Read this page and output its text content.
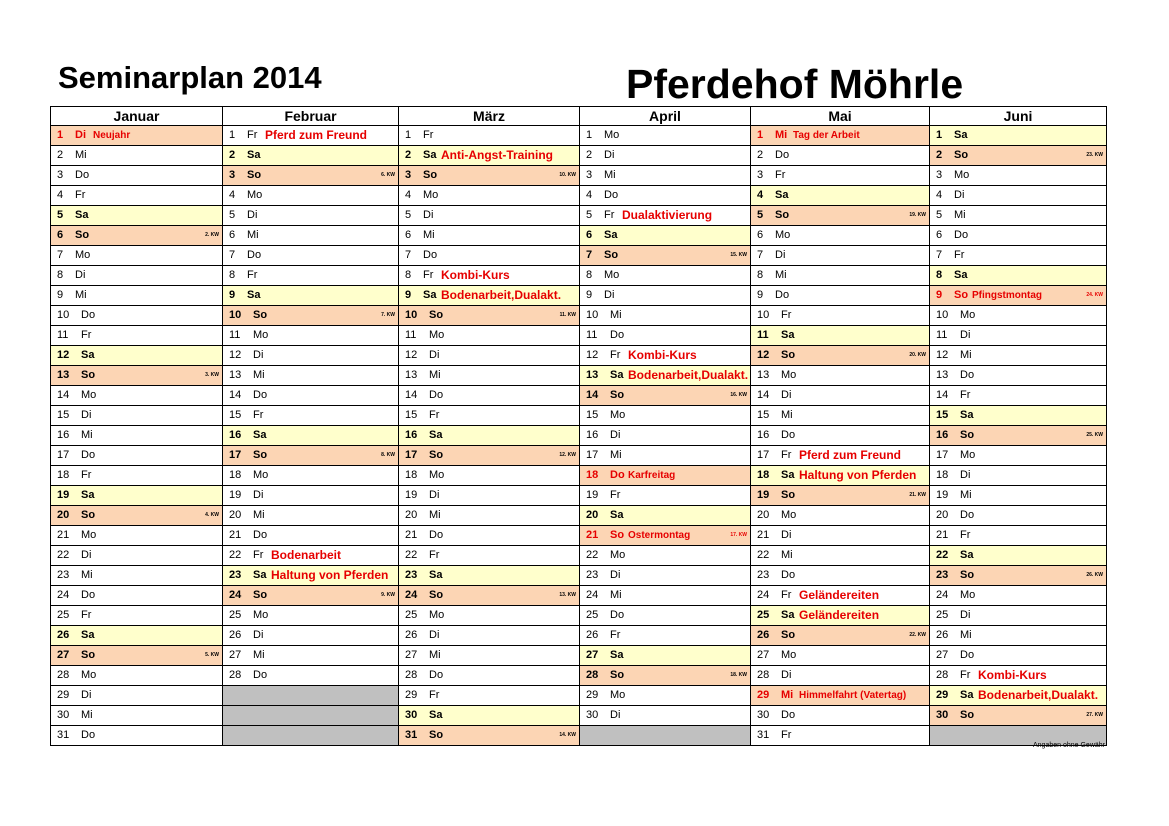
Seminarplan 2014	Pferdehof Möhrle
Januar	Februar	März	April	Mai	Juni

1 Di Neujahr	1 Fr Pferd zum Freund	1 Fr	1 Mo	1 Mi Tag der Arbeit	1 Sa

2 Mi	2 Sa	2 Sa Anti-Angst-Training	2 Di	2 Do	2 So 23. KW

3 Do	3 So 6. KW	3 So 10. KW	3 Mi	3 Fr	3 Mo

4 Fr	4 Mo	4 Mo	4 Do	4 Sa	4 Di

5 Sa	5 Di	5 Di	5 Fr Dualaktivierung	5 So 19. KW	5 Mi

6 So 2. KW	6 Mi	6 Mi	6 Sa	6 Mo	6 Do

7 Mo	7 Do	7 Do	7 So 15. KW	7 Di	7 Fr

8 Di	8 Fr	8 Fr Kombi-Kurs	8 Mo	8 Mi	8 Sa

9 Mi	9 Sa	9 Sa Bodenarbeit,Dualakt.	9 Di	9 Do	9 So Pfingstmontag 24. KW

10 Do	10 So 7. KW	10 So 11. KW	10 Mi	10 Fr	10 Mo

11 Fr	11 Mo	11 Mo	11 Do	11 Sa	11 Di

12 Sa	12 Di	12 Di	12 Fr Kombi-Kurs	12 So 20. KW	12 Mi

13 So 3. KW	13 Mi	13 Mi	13 Sa Bodenarbeit,Dualakt.	13 Mo	13 Do

14 Mo	14 Do	14 Do	14 So 16. KW	14 Di	14 Fr

15 Di	15 Fr	15 Fr	15 Mo	15 Mi	15 Sa

16 Mi	16 Sa	16 Sa	16 Di	16 Do	16 So 25. KW

17 Do	17 So 8. KW	17 So 12. KW	17 Mi	17 Fr Pferd zum Freund	17 Mo

18 Fr	18 Mo	18 Mo	18 Do Karfreitag	18 Sa Haltung von Pferden	18 Di

19 Sa	19 Di	19 Di	19 Fr	19 So 21. KW	19 Mi

20 So 4. KW	20 Mi	20 Mi	20 Sa	20 Mo	20 Do

21 Mo	21 Do	21 Do	21 So Ostermontag 17. KW	21 Di	21 Fr

22 Di	22 Fr Bodenarbeit	22 Fr	22 Mo	22 Mi	22 Sa

23 Mi	23 Sa Haltung von Pferden	23 Sa	23 Di	23 Do	23 So 26. KW

24 Do	24 So 9. KW	24 So 13. KW	24 Mi	24 Fr Geländereiten	24 Mo

25 Fr	25 Mo	25 Mo	25 Do	25 Sa Geländereiten	25 Di

26 Sa	26 Di	26 Di	26 Fr	26 So 22. KW	26 Mi

27 So 5. KW	27 Mi	27 Mi	27 Sa	27 Mo	27 Do

28 Mo	28 Do	28 Do	28 So 18. KW	28 Di	28 Fr Kombi-Kurs

29 Di		29 Fr	29 Mo	29 Mi Himmelfahrt (Vatertag)	29 Sa Bodenarbeit,Dualakt.

30 Mi		30 Sa	30 Di	30 Do	30 So 27. KW

31 Do		31 So 14. KW		31 Fr	

Angaben ohne Gewähr
